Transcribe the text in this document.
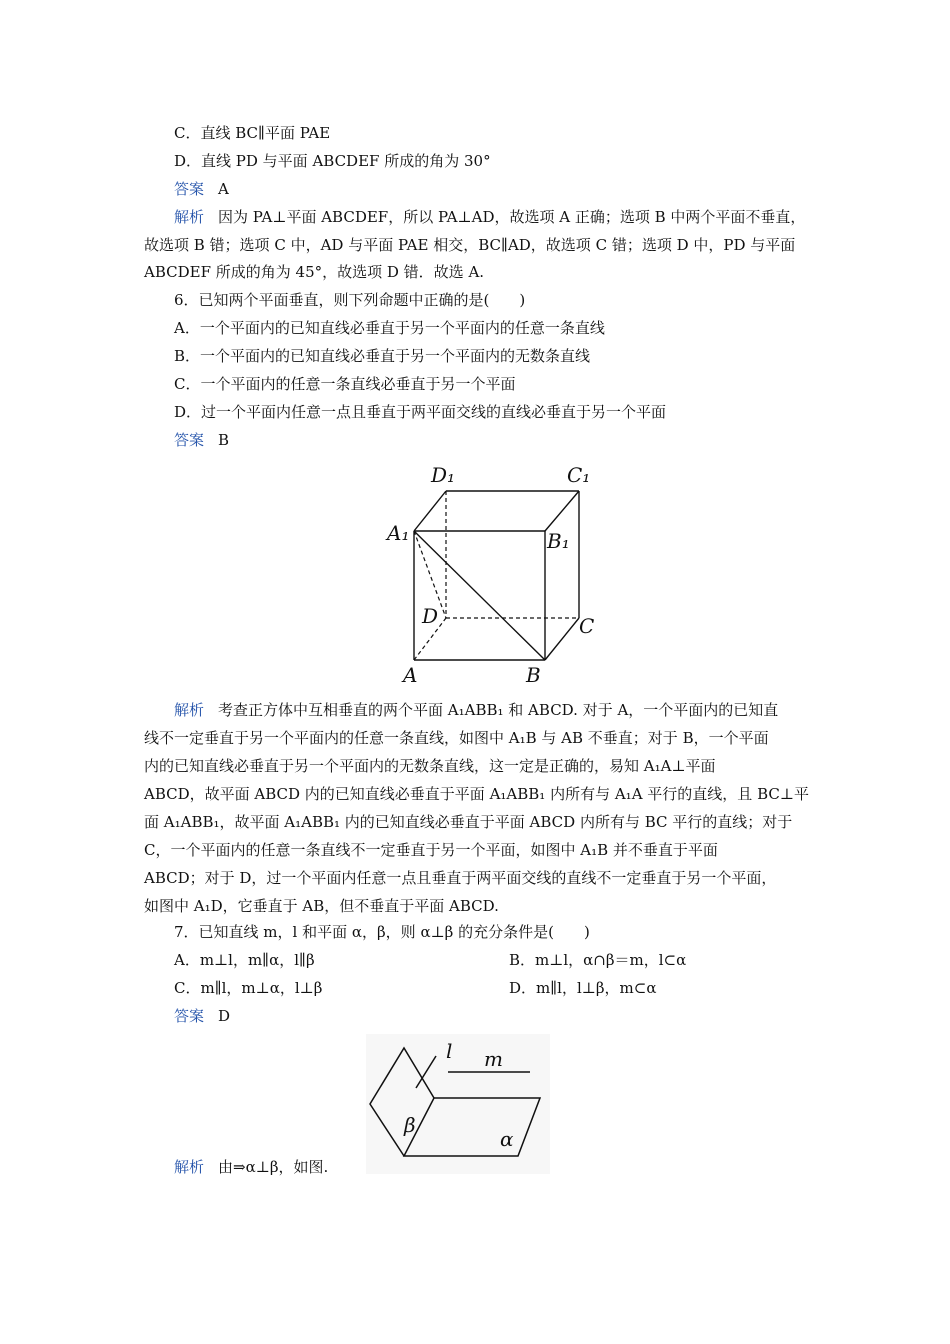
C．直线 BC∥平面 PAE
D．直线 PD 与平面 ABCDEF 所成的角为 30°
答案 A
解析 因为 PA⊥平面 ABCDEF，所以 PA⊥AD，故选项 A 正确；选项 B 中两个平面不垂直，
故选项 B 错；选项 C 中，AD 与平面 PAE 相交，BC∥AD，故选项 C 错；选项 D 中，PD 与平面
ABCDEF 所成的角为 45°，故选项 D 错．故选 A.
6．已知两个平面垂直，则下列命题中正确的是(　　)
A．一个平面内的已知直线必垂直于另一个平面内的任意一条直线
B．一个平面内的已知直线必垂直于另一个平面内的无数条直线
C．一个平面内的任意一条直线必垂直于另一个平面
D．过一个平面内任意一点且垂直于两平面交线的直线必垂直于另一个平面
答案 B
D₁	C₁
A₁	B₁
D	C
A	B
解析 考查正方体中互相垂直的两个平面 A₁ABB₁ 和 ABCD. 对于 A，一个平面内的已知直
线不一定垂直于另一个平面内的任意一条直线，如图中 A₁B 与 AB 不垂直；对于 B，一个平面
内的已知直线必垂直于另一个平面内的无数条直线，这一定是正确的，易知 A₁A⊥平面
ABCD，故平面 ABCD 内的已知直线必垂直于平面 A₁ABB₁ 内所有与 A₁A 平行的直线，且 BC⊥平
面 A₁ABB₁，故平面 A₁ABB₁ 内的已知直线必垂直于平面 ABCD 内所有与 BC 平行的直线；对于
C，一个平面内的任意一条直线不一定垂直于另一个平面，如图中 A₁B 并不垂直于平面
ABCD；对于 D，过一个平面内任意一点且垂直于两平面交线的直线不一定垂直于另一个平面，
如图中 A₁D，它垂直于 AB，但不垂直于平面 ABCD.
7．已知直线 m，l 和平面 α，β，则 α⊥β 的充分条件是(　　)
A．m⊥l，m∥α，l∥β	B．m⊥l，α∩β＝m，l⊂α
C．m∥l，m⊥α，l⊥β	D．m∥l，l⊥β，m⊂α
答案 D
l m
β
α
解析 由⇒α⊥β，如图.
